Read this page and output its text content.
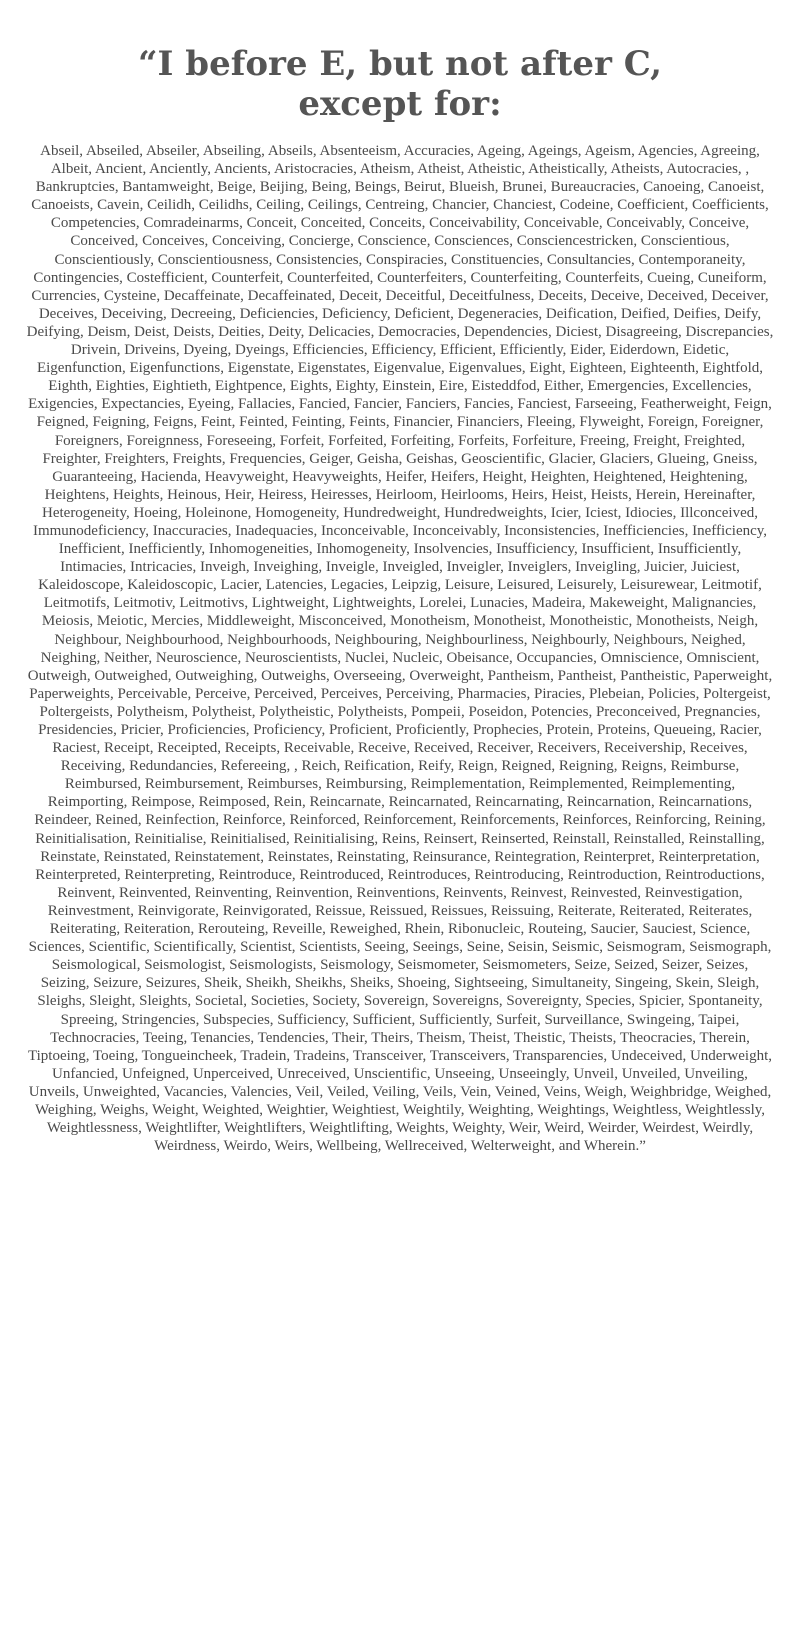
“I before E, but not after C,
except for:

Abseil, Abseiled, Abseiler, Abseiling, Abseils, Absenteeism, Accuracies, Ageing, Ageings, Ageism, Agencies, Agreeing, Albeit, Ancient, Anciently, Ancients, Aristocracies, Atheism, Atheist, Atheistic, Atheistically, Atheists, Autocracies, , Bankruptcies, Bantamweight, Beige, Beijing, Being, Beings, Beirut, Blueish, Brunei, Bureaucracies, Canoeing, Canoeist, Canoeists, Cavein, Ceilidh, Ceilidhs, Ceiling, Ceilings, Centreing, Chancier, Chanciest, Codeine, Coefficient, Coefficients, Competencies, Comradeinarms, Conceit, Conceited, Conceits, Conceivability, Conceivable, Conceivably, Conceive, Conceived, Conceives, Conceiving, Concierge, Conscience, Consciences, Consciencestricken, Conscientious, Conscientiously, Conscientiousness, Consistencies, Conspiracies, Constituencies, Consultancies, Contemporaneity, Contingencies, Costefficient, Counterfeit, Counterfeited, Counterfeiters, Counterfeiting, Counterfeits, Cueing, Cuneiform, Currencies, Cysteine, Decaffeinate, Decaffeinated, Deceit, Deceitful, Deceitfulness, Deceits, Deceive, Deceived, Deceiver, Deceives, Deceiving, Decreeing, Deficiencies, Deficiency, Deficient, Degeneracies, Deification, Deified, Deifies, Deify, Deifying, Deism, Deist, Deists, Deities, Deity, Delicacies, Democracies, Dependencies, Diciest, Disagreeing, Discrepancies, Drivein, Driveins, Dyeing, Dyeings, Efficiencies, Efficiency, Efficient, Efficiently, Eider, Eiderdown, Eidetic, Eigenfunction, Eigenfunctions, Eigenstate, Eigenstates, Eigenvalue, Eigenvalues, Eight, Eighteen, Eighteenth, Eightfold, Eighth, Eighties, Eightieth, Eightpence, Eights, Eighty, Einstein, Eire, Eisteddfod, Either, Emergencies, Excellencies, Exigencies, Expectancies, Eyeing, Fallacies, Fancied, Fancier, Fanciers, Fancies, Fanciest, Farseeing, Featherweight, Feign, Feigned, Feigning, Feigns, Feint, Feinted, Feinting, Feints, Financier, Financiers, Fleeing, Flyweight, Foreign, Foreigner, Foreigners, Foreignness, Foreseeing, Forfeit, Forfeited, Forfeiting, Forfeits, Forfeiture, Freeing, Freight, Freighted, Freighter, Freighters, Freights, Frequencies, Geiger, Geisha, Geishas, Geoscientific, Glacier, Glaciers, Glueing, Gneiss, Guaranteeing, Hacienda, Heavyweight, Heavyweights, Heifer, Heifers, Height, Heighten, Heightened, Heightening, Heightens, Heights, Heinous, Heir, Heiress, Heiresses, Heirloom, Heirlooms, Heirs, Heist, Heists, Herein, Hereinafter, Heterogeneity, Hoeing, Holeinone, Homogeneity, Hundredweight, Hundredweights, Icier, Iciest, Idiocies, Illconceived, Immunodeficiency, Inaccuracies, Inadequacies, Inconceivable, Inconceivably, Inconsistencies, Inefficiencies, Inefficiency, Inefficient, Inefficiently, Inhomogeneities, Inhomogeneity, Insolvencies, Insufficiency, Insufficient, Insufficiently, Intimacies, Intricacies, Inveigh, Inveighing, Inveigle, Inveigled, Inveigler, Inveiglers, Inveigling, Juicier, Juiciest, Kaleidoscope, Kaleidoscopic, Lacier, Latencies, Legacies, Leipzig, Leisure, Leisured, Leisurely, Leisurewear, Leitmotif, Leitmotifs, Leitmotiv, Leitmotivs, Lightweight, Lightweights, Lorelei, Lunacies, Madeira, Makeweight, Malignancies, Meiosis, Meiotic, Mercies, Middleweight, Misconceived, Monotheism, Monotheist, Monotheistic, Monotheists, Neigh, Neighbour, Neighbourhood, Neighbourhoods, Neighbouring, Neighbourliness, Neighbourly, Neighbours, Neighed, Neighing, Neither, Neuroscience, Neuroscientists, Nuclei, Nucleic, Obeisance, Occupancies, Omniscience, Omniscient, Outweigh, Outweighed, Outweighing, Outweighs, Overseeing, Overweight, Pantheism, Pantheist, Pantheistic, Paperweight, Paperweights, Perceivable, Perceive, Perceived, Perceives, Perceiving, Pharmacies, Piracies, Plebeian, Policies, Poltergeist, Poltergeists, Polytheism, Polytheist, Polytheistic, Polytheists, Pompeii, Poseidon, Potencies, Preconceived, Pregnancies, Presidencies, Pricier, Proficiencies, Proficiency, Proficient, Proficiently, Prophecies, Protein, Proteins, Queueing, Racier, Raciest, Receipt, Receipted, Receipts, Receivable, Receive, Received, Receiver, Receivers, Receivership, Receives, Receiving, Redundancies, Refereeing, , Reich, Reification, Reify, Reign, Reigned, Reigning, Reigns, Reimburse, Reimbursed, Reimbursement, Reimburses, Reimbursing, Reimplementation, Reimplemented, Reimplementing, Reimporting, Reimpose, Reimposed, Rein, Reincarnate, Reincarnated, Reincarnating, Reincarnation, Reincarnations, Reindeer, Reined, Reinfection, Reinforce, Reinforced, Reinforcement, Reinforcements, Reinforces, Reinforcing, Reining, Reinitialisation, Reinitialise, Reinitialised, Reinitialising, Reins, Reinsert, Reinserted, Reinstall, Reinstalled, Reinstalling, Reinstate, Reinstated, Reinstatement, Reinstates, Reinstating, Reinsurance, Reintegration, Reinterpret, Reinterpretation, Reinterpreted, Reinterpreting, Reintroduce, Reintroduced, Reintroduces, Reintroducing, Reintroduction, Reintroductions, Reinvent, Reinvented, Reinventing, Reinvention, Reinventions, Reinvents, Reinvest, Reinvested, Reinvestigation, Reinvestment, Reinvigorate, Reinvigorated, Reissue, Reissued, Reissues, Reissuing, Reiterate, Reiterated, Reiterates, Reiterating, Reiteration, Rerouteing, Reveille, Reweighed, Rhein, Ribonucleic, Routeing, Saucier, Sauciest, Science, Sciences, Scientific, Scientifically, Scientist, Scientists, Seeing, Seeings, Seine, Seisin, Seismic, Seismogram, Seismograph, Seismological, Seismologist, Seismologists, Seismology, Seismometer, Seismometers, Seize, Seized, Seizer, Seizes, Seizing, Seizure, Seizures, Sheik, Sheikh, Sheikhs, Sheiks, Shoeing, Sightseeing, Simultaneity, Singeing, Skein, Sleigh, Sleighs, Sleight, Sleights, Societal, Societies, Society, Sovereign, Sovereigns, Sovereignty, Species, Spicier, Spontaneity, Spreeing, Stringencies, Subspecies, Sufficiency, Sufficient, Sufficiently, Surfeit, Surveillance, Swingeing, Taipei, Technocracies, Teeing, Tenancies, Tendencies, Their, Theirs, Theism, Theist, Theistic, Theists, Theocracies, Therein, Tiptoeing, Toeing, Tongueincheek, Tradein, Tradeins, Transceiver, Transceivers, Transparencies, Undeceived, Underweight, Unfancied, Unfeigned, Unperceived, Unreceived, Unscientific, Unseeing, Unseeingly, Unveil, Unveiled, Unveiling, Unveils, Unweighted, Vacancies, Valencies, Veil, Veiled, Veiling, Veils, Vein, Veined, Veins, Weigh, Weighbridge, Weighed, Weighing, Weighs, Weight, Weighted, Weightier, Weightiest, Weightily, Weighting, Weightings, Weightless, Weightlessly, Weightlessness, Weightlifter, Weightlifters, Weightlifting, Weights, Weighty, Weir, Weird, Weirder, Weirdest, Weirdly, Weirdness, Weirdo, Weirs, Wellbeing, Wellreceived, Welterweight, and Wherein.”
